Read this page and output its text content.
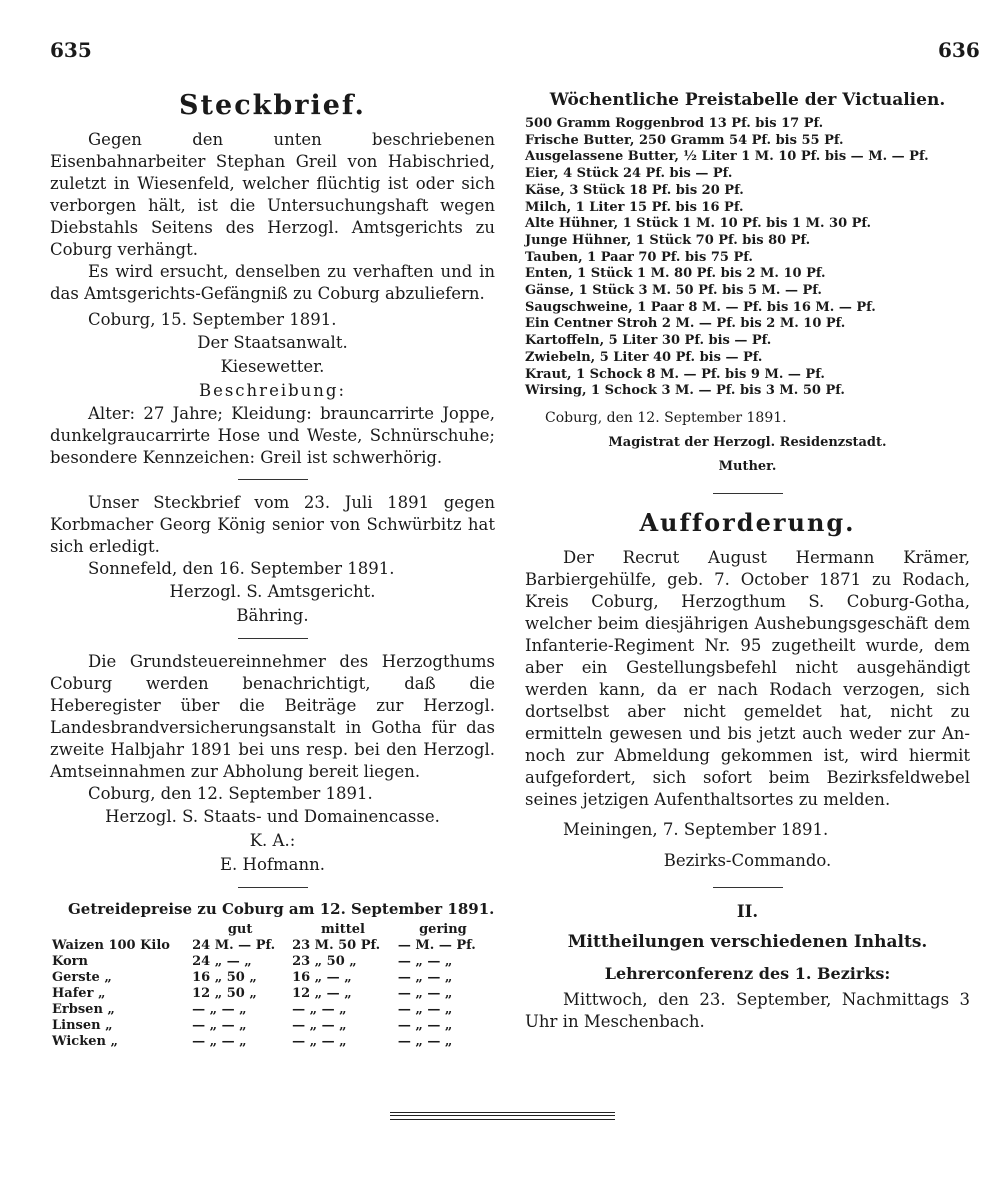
635	636
Steckbrief.

Gegen den unten beschriebenen Eisenbahnarbeiter Stephan Greil von Habischried, zuletzt in Wiesenfeld, welcher flüchtig ist oder sich verborgen hält, ist die Untersuchungshaft wegen Diebstahls Seitens des Herzogl. Amtsgerichts zu Coburg verhängt.

Es wird ersucht, denselben zu verhaften und in das Amtsgerichts-Gefängniß zu Coburg abzuliefern.

Coburg, 15. September 1891.

Der Staatsanwalt.
Kiesewetter.
Beschreibung:

Alter: 27 Jahre; Kleidung: brauncarrirte Joppe, dunkelgraucarrirte Hose und Weste, Schnürschuhe; besondere Kennzeichen: Greil ist schwerhörig.

Unser Steckbrief vom 23. Juli 1891 gegen Korbmacher Georg König senior von Schwürbitz hat sich erledigt.

Sonnefeld, den 16. September 1891.

Herzogl. S. Amtsgericht.
Bähring.

Die Grundsteuereinnehmer des Herzogthums Coburg werden benachrichtigt, daß die Heberegister über die Beiträge zur Herzogl. Landesbrandversicherungsanstalt in Gotha für das zweite Halbjahr 1891 bei uns resp. bei den Herzogl. Amtseinnahmen zur Abholung bereit liegen.

Coburg, den 12. September 1891.

Herzogl. S. Staats- und Domainencasse.
K. A.:
E. Hofmann.
Getreidepreise zu Coburg am 12. September 1891.
	gut	mittel	gering
Waizen 100 Kilo	24 M. — Pf.	23 M. 50 Pf.	— M. — Pf.
Korn	24 „ — „	23 „ 50 „	— „ — „
Gerste „	16 „ 50 „	16 „ — „	— „ — „
Hafer „	12 „ 50 „	12 „ — „	— „ — „
Erbsen „	— „ — „	— „ — „	— „ — „
Linsen „	— „ — „	— „ — „	— „ — „
Wicken „	— „ — „	— „ — „	— „ — „
Wöchentliche Preistabelle der Victualien.
500 Gramm Roggenbrod 13 Pf. bis 17 Pf.
Frische Butter, 250 Gramm 54 Pf. bis 55 Pf.
Ausgelassene Butter, ½ Liter 1 M. 10 Pf. bis — M. — Pf.
Eier, 4 Stück 24 Pf. bis — Pf.
Käse, 3 Stück 18 Pf. bis 20 Pf.
Milch, 1 Liter 15 Pf. bis 16 Pf.
Alte Hühner, 1 Stück 1 M. 10 Pf. bis 1 M. 30 Pf.
Junge Hühner, 1 Stück 70 Pf. bis 80 Pf.
Tauben, 1 Paar 70 Pf. bis 75 Pf.
Enten, 1 Stück 1 M. 80 Pf. bis 2 M. 10 Pf.
Gänse, 1 Stück 3 M. 50 Pf. bis 5 M. — Pf.
Saugschweine, 1 Paar 8 M. — Pf. bis 16 M. — Pf.
Ein Centner Stroh 2 M. — Pf. bis 2 M. 10 Pf.
Kartoffeln, 5 Liter 30 Pf. bis — Pf.
Zwiebeln, 5 Liter 40 Pf. bis — Pf.
Kraut, 1 Schock 8 M. — Pf. bis 9 M. — Pf.
Wirsing, 1 Schock 3 M. — Pf. bis 3 M. 50 Pf.
Coburg, den 12. September 1891.
Magistrat der Herzogl. Residenzstadt.
Muther.
Aufforderung.

Der Recrut August Hermann Krämer, Barbiergehülfe, geb. 7. October 1871 zu Rodach, Kreis Coburg, Herzogthum S. Coburg-Gotha, welcher beim diesjährigen Aushebungsgeschäft dem Infanterie-Regiment Nr. 95 zugetheilt wurde, dem aber ein Gestellungsbefehl nicht ausgehändigt werden kann, da er nach Rodach verzogen, sich dortselbst aber nicht gemeldet hat, nicht zu ermitteln gewesen und bis jetzt auch weder zur An- noch zur Abmeldung gekommen ist, wird hiermit aufgefordert, sich sofort beim Bezirksfeldwebel seines jetzigen Aufenthaltsortes zu melden.

Meiningen, 7. September 1891.

Bezirks-Commando.
II.
Mittheilungen verschiedenen Inhalts.
Lehrerconferenz des 1. Bezirks:

Mittwoch, den 23. September, Nachmittags 3 Uhr in Meschenbach.
